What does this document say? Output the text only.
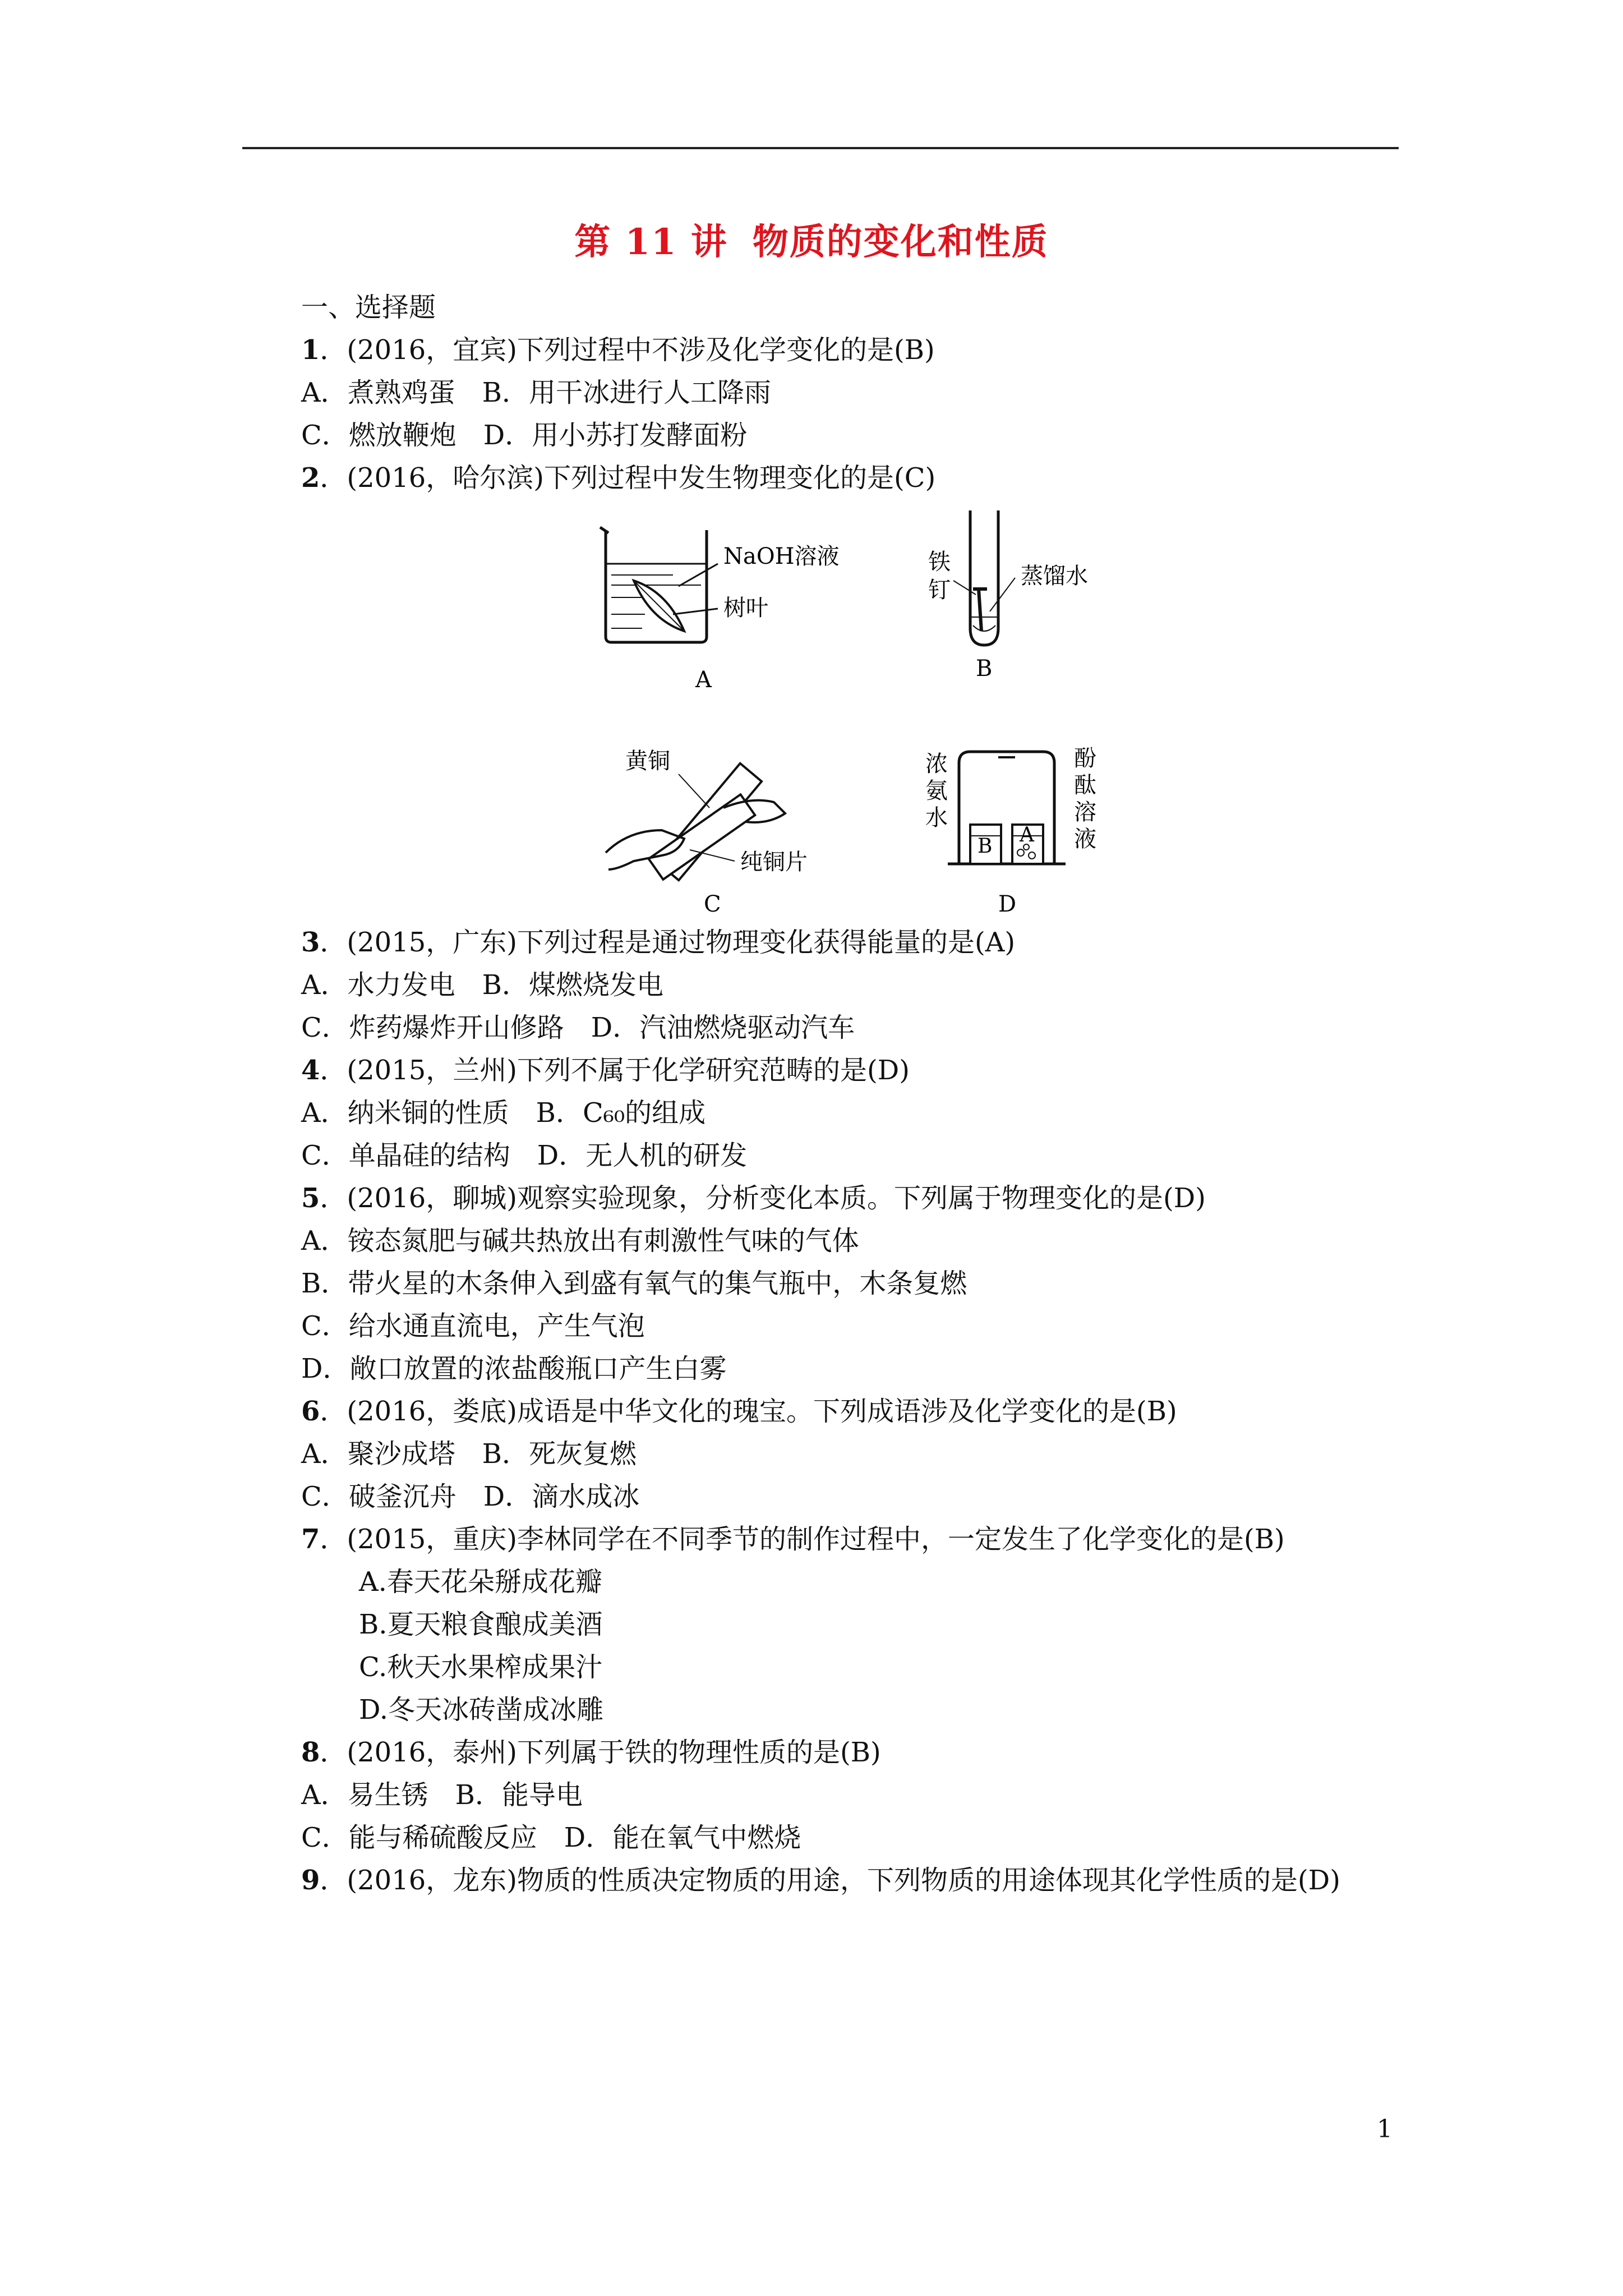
第 11 讲 物质的变化和性质
一、选择题
1．(2016，宜宾)下列过程中不涉及化学变化的是(B)
A．煮熟鸡蛋　B．用干冰进行人工降雨
C．燃放鞭炮　D．用小苏打发酵面粉
2．(2016，哈尔滨)下列过程中发生物理变化的是(C)
3．(2015，广东)下列过程是通过物理变化获得能量的是(A)
A．水力发电　B．煤燃烧发电
C．炸药爆炸开山修路　D．汽油燃烧驱动汽车
4．(2015，兰州)下列不属于化学研究范畴的是(D)
A．纳米铜的性质　B．C₆₀的组成
C．单晶硅的结构　D．无人机的研发
5．(2016，聊城)观察实验现象，分析变化本质。下列属于物理变化的是(D)
A．铵态氮肥与碱共热放出有刺激性气味的气体
B．带火星的木条伸入到盛有氧气的集气瓶中，木条复燃
C．给水通直流电，产生气泡
D．敞口放置的浓盐酸瓶口产生白雾
6．(2016，娄底)成语是中华文化的瑰宝。下列成语涉及化学变化的是(B)
A．聚沙成塔　B．死灰复燃
C．破釜沉舟　D．滴水成冰
7．(2015，重庆)李林同学在不同季节的制作过程中，一定发生了化学变化的是(B)
A.春天花朵掰成花瓣
B.夏天粮食酿成美酒
C.秋天水果榨成果汁
D.冬天冰砖凿成冰雕
8．(2016，泰州)下列属于铁的物理性质的是(B)
A．易生锈　B．能导电
C．能与稀硫酸反应　D．能在氧气中燃烧
9．(2016，龙东)物质的性质决定物质的用途，下列物质的用途体现其化学性质的是(D)
NaOH溶液
树叶
A
铁
钉
蒸馏水
B
黄铜
纯铜片
C
B A
浓
氨
水
酚
酞
溶
液
D
1
